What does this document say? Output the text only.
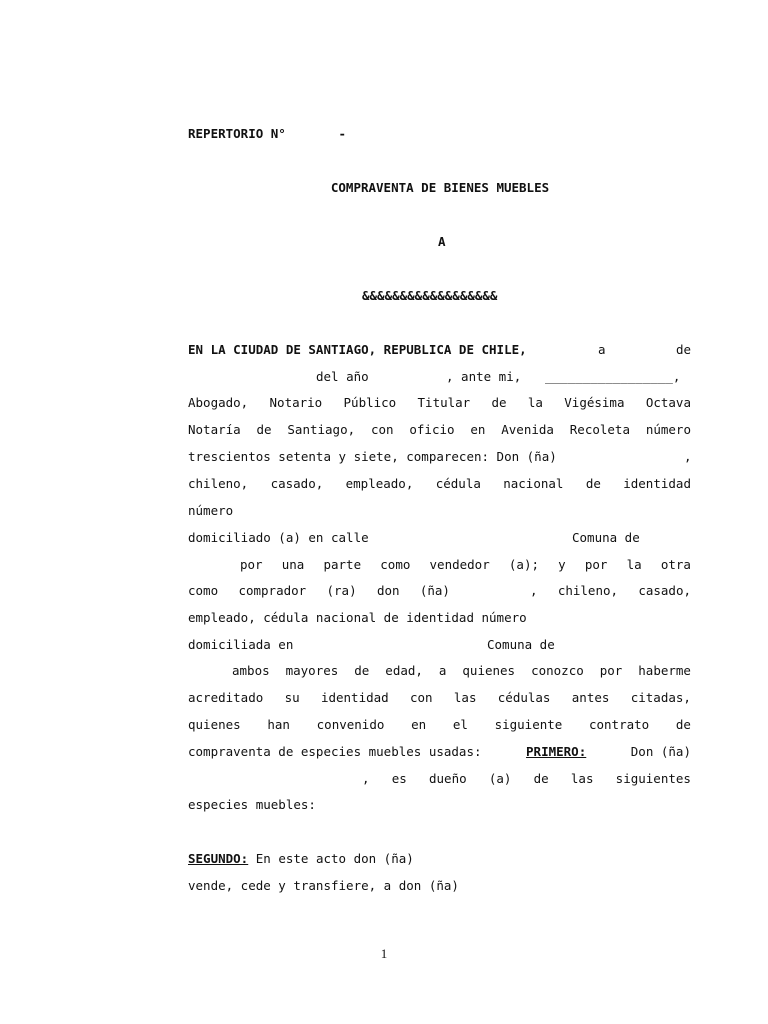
REPERTORIO N°       -
COMPRAVENTA DE BIENES MUEBLES
A
&&&&&&&&&&&&&&&&&&
EN LA CIUDAD DE SANTIAGO, REPUBLICA DE CHILE,	a	de
del año	, ante mi, _________________,
Abogado, Notario Público Titular de la Vigésima Octava
Notaría de Santiago, con oficio en Avenida Recoleta número
trescientos setenta y siete, comparecen: Don (ña)	,
chileno, casado, empleado, cédula nacional de identidad
número
domiciliado (a) en calle	Comuna de
por una parte como vendedor (a); y por la otra
como comprador (ra) don (ña)	, chileno, casado,
empleado, cédula nacional de identidad número
domiciliada en	Comuna de
ambos mayores de edad, a quienes conozco por haberme
acreditado su identidad con las cédulas antes citadas,
quienes han convenido en el siguiente contrato de
compraventa de especies muebles usadas:	PRIMERO:	Don (ña)
, es dueño (a) de las siguientes
especies muebles:
SEGUNDO: En este acto don (ña)
vende, cede y transfiere, a don (ña)
1
